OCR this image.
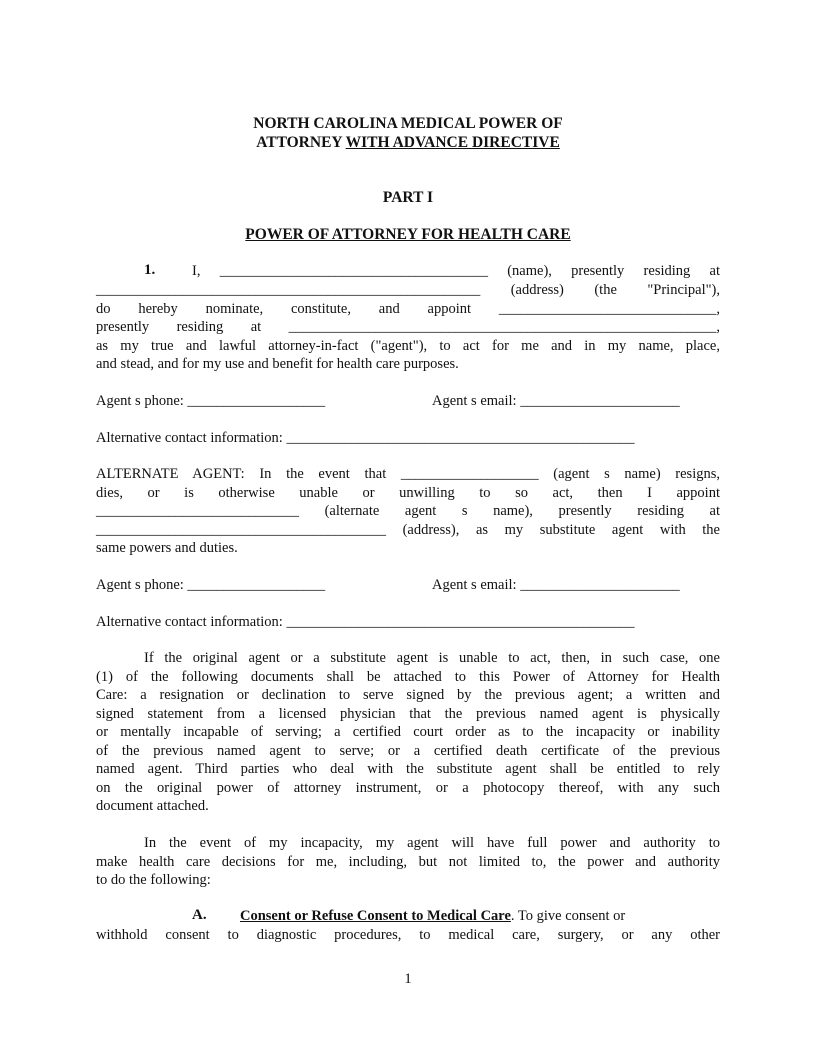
NORTH CAROLINA MEDICAL POWER OF
ATTORNEY WITH ADVANCE DIRECTIVE
PART I
POWER OF ATTORNEY FOR HEALTH CARE
1.	I, _____________________________________ (name), presently residing at
_____________________________________________________ (address) (the "Principal"),
do hereby nominate, constitute, and appoint ______________________________,
presently residing at ___________________________________________________________,
as my true and lawful attorney-in-fact ("agent"), to act for me and in my name, place,
and stead, and for my use and benefit for health care purposes.
Agent s phone: ___________________	Agent s email: ______________________
Alternative contact information: ________________________________________________
ALTERNATE AGENT: In the event that ___________________ (agent s name) resigns,
dies, or is otherwise unable or unwilling to so act, then I appoint
____________________________ (alternate agent s name), presently residing at
________________________________________ (address), as my substitute agent with the
same powers and duties.
Agent s phone: ___________________	Agent s email: ______________________
Alternative contact information: ________________________________________________
If the original agent or a substitute agent is unable to act, then, in such case, one
(1) of the following documents shall be attached to this Power of Attorney for Health
Care: a resignation or declination to serve signed by the previous agent; a written and
signed statement from a licensed physician that the previous named agent is physically
or mentally incapable of serving; a certified court order as to the incapacity or inability
of the previous named agent to serve; or a certified death certificate of the previous
named agent. Third parties who deal with the substitute agent shall be entitled to rely
on the original power of attorney instrument, or a photocopy thereof, with any such
document attached.
In the event of my incapacity, my agent will have full power and authority to
make health care decisions for me, including, but not limited to, the power and authority
to do the following:
A. Consent or Refuse Consent to Medical Care. To give consent or
withhold consent to diagnostic procedures, to medical care, surgery, or any other
1
